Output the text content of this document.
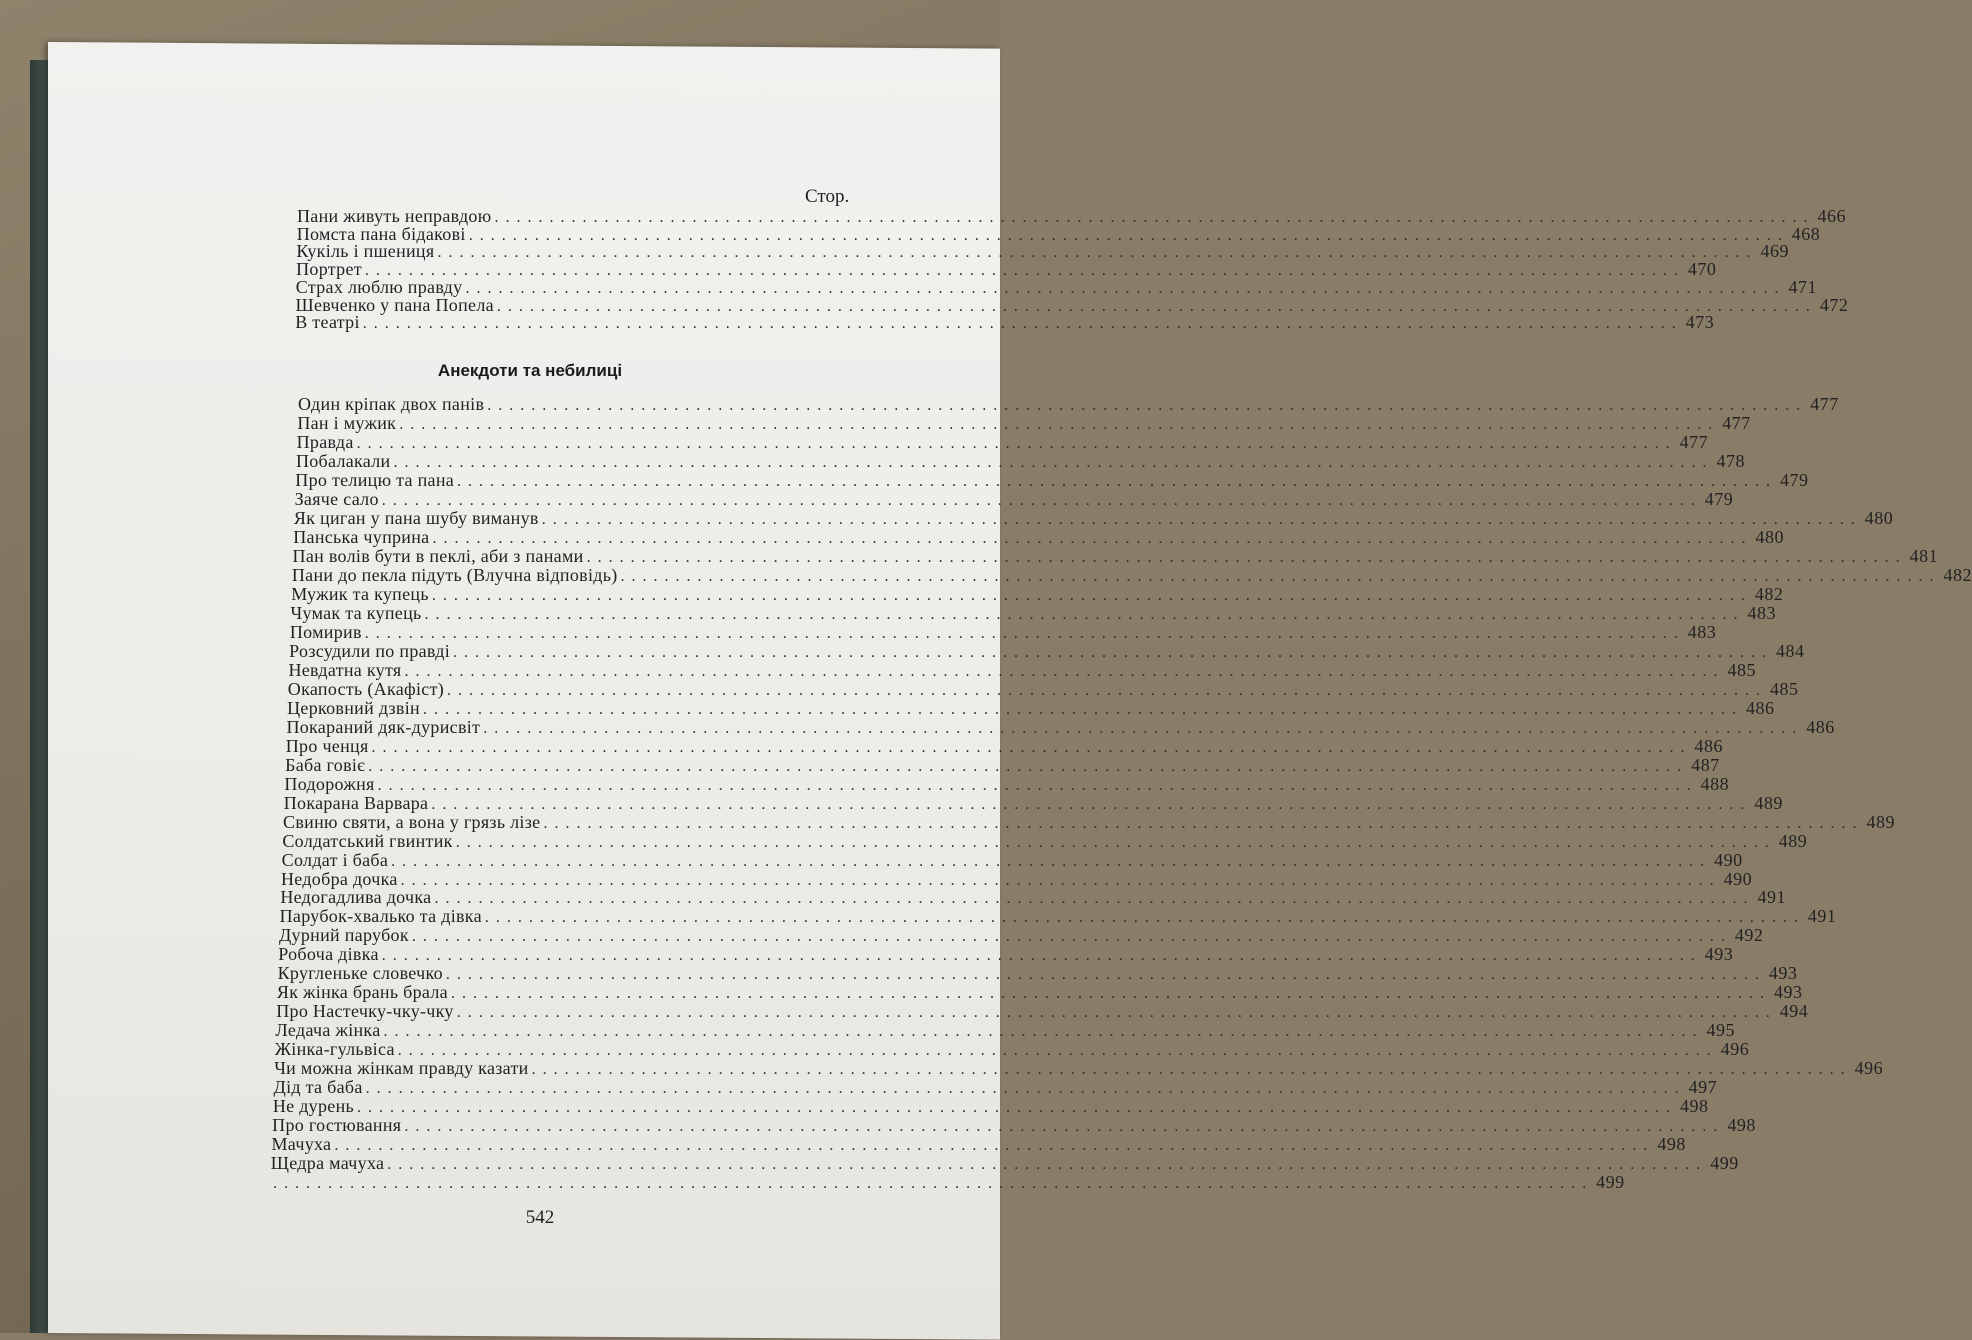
Стор.
Пани живуть неправдою ........................................................................................................................ 466
Помста пана бідакові ........................................................................................................................ 468
Кукіль і пшениця ........................................................................................................................ 469
Портрет ........................................................................................................................ 470
Страх люблю правду ........................................................................................................................ 471
Шевченко у пана Попела ........................................................................................................................ 472
В театрі ........................................................................................................................ 473
Анекдоти та небилиці
Один кріпак двох панів ........................................................................................................................ 477
Пан і мужик ........................................................................................................................ 477
Правда ........................................................................................................................ 477
Побалакали ........................................................................................................................ 478
Про телицю та пана ........................................................................................................................ 479
Заяче сало ........................................................................................................................ 479
Як циган у пана шубу виманув ........................................................................................................................ 480
Панська чуприна ........................................................................................................................ 480
Пан волів бути в пеклі, аби з панами ........................................................................................................................ 481
Пани до пекла підуть (Влучна відповідь) ........................................................................................................................ 482
Мужик та купець ........................................................................................................................ 482
Чумак та купець ........................................................................................................................ 483
Помирив ........................................................................................................................ 483
Розсудили по правді ........................................................................................................................ 484
Невдатна кутя ........................................................................................................................ 485
Окапость (Акафіст) ........................................................................................................................ 485
Церковний дзвін ........................................................................................................................ 486
Покараний дяк-дурисвіт ........................................................................................................................ 486
Про ченця ........................................................................................................................ 486
Баба говіє ........................................................................................................................ 487
Подорожня ........................................................................................................................ 488
Покарана Варвара ........................................................................................................................ 489
Свиню святи, а вона у грязь лізе ........................................................................................................................ 489
Солдатський гвинтик ........................................................................................................................ 489
Солдат і баба ........................................................................................................................ 490
Недобра дочка ........................................................................................................................ 490
Недогадлива дочка ........................................................................................................................ 491
Парубок-хвалько та дівка ........................................................................................................................ 491
Дурний парубок ........................................................................................................................ 492
Робоча дівка ........................................................................................................................ 493
Кругленьке словечко ........................................................................................................................ 493
Як жінка брань брала ........................................................................................................................ 493
Про Настечку-чку-чку ........................................................................................................................ 494
Ледача жінка ........................................................................................................................ 495
Жінка-гульвіса ........................................................................................................................ 496
Чи можна жінкам правду казати ........................................................................................................................ 496
Дід та баба ........................................................................................................................ 497
Не дурень ........................................................................................................................ 498
Про гостювання ........................................................................................................................ 498
Мачуха ........................................................................................................................ 498
Щедра мачуха ........................................................................................................................ 499
........................................................................................................................ 499
542
